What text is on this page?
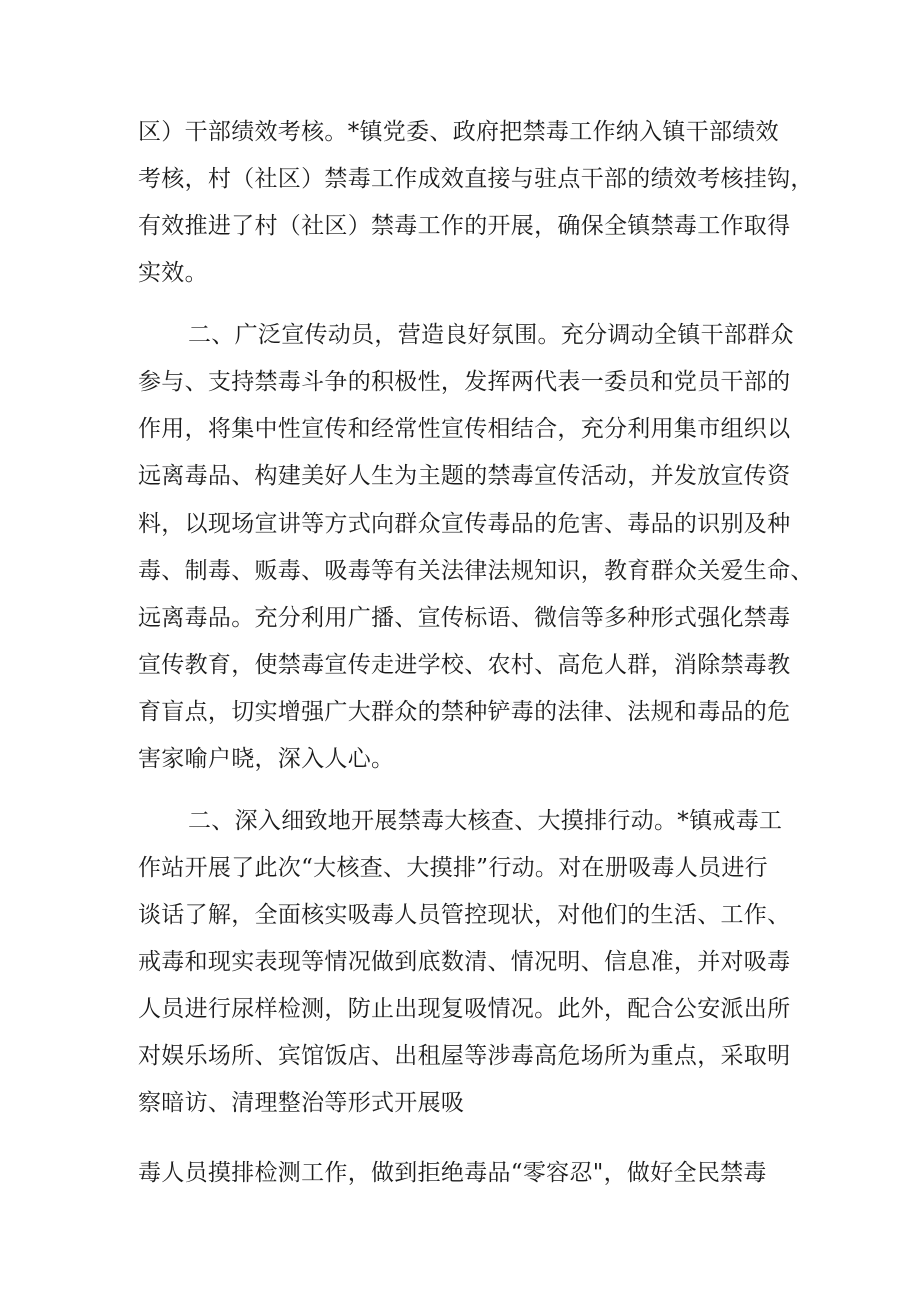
区）干部绩效考核。*镇党委、政府把禁毒工作纳入镇干部绩效
考核，村（社区）禁毒工作成效直接与驻点干部的绩效考核挂钩，
有效推进了村（社区）禁毒工作的开展，确保全镇禁毒工作取得
实效。
二、广泛宣传动员，营造良好氛围。充分调动全镇干部群众
参与、支持禁毒斗争的积极性，发挥两代表一委员和党员干部的
作用，将集中性宣传和经常性宣传相结合，充分利用集市组织以
远离毒品、构建美好人生为主题的禁毒宣传活动，并发放宣传资
料，以现场宣讲等方式向群众宣传毒品的危害、毒品的识别及种
毒、制毒、贩毒、吸毒等有关法律法规知识，教育群众关爱生命、
远离毒品。充分利用广播、宣传标语、微信等多种形式强化禁毒
宣传教育，使禁毒宣传走进学校、农村、高危人群，消除禁毒教
育盲点，切实增强广大群众的禁种铲毒的法律、法规和毒品的危
害家喻户晓，深入人心。
二、深入细致地开展禁毒大核查、大摸排行动。*镇戒毒工
作站开展了此次“大核查、大摸排”行动。对在册吸毒人员进行
谈话了解，全面核实吸毒人员管控现状，对他们的生活、工作、
戒毒和现实表现等情况做到底数清、情况明、信息准，并对吸毒
人员进行尿样检测，防止出现复吸情况。此外，配合公安派出所
对娱乐场所、宾馆饭店、出租屋等涉毒高危场所为重点，采取明
察暗访、清理整治等形式开展吸
毒人员摸排检测工作，做到拒绝毒品“零容忍"，做好全民禁毒
